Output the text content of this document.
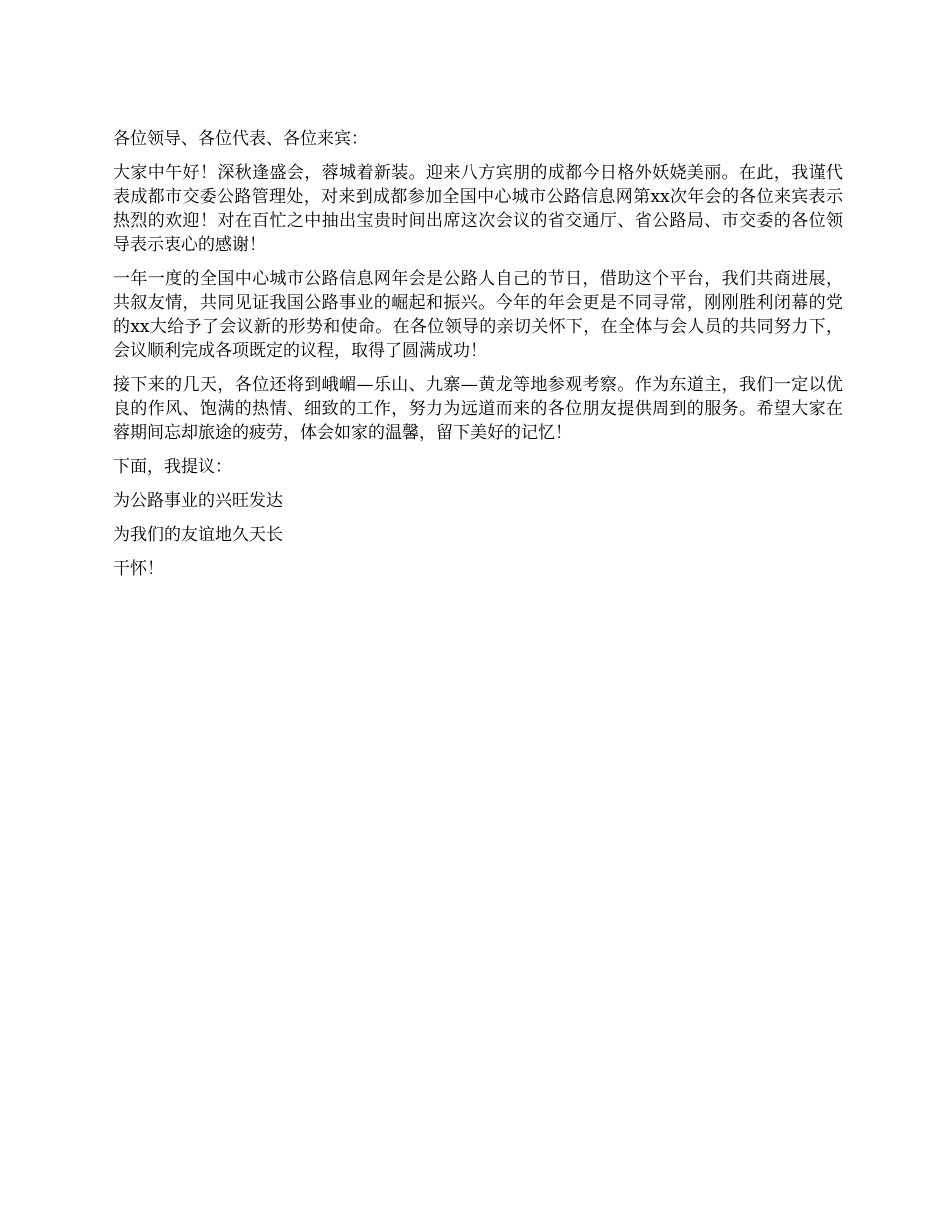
各位领导、各位代表、各位来宾：

大家中午好！深秋逢盛会，蓉城着新装。迎来八方宾朋的成都今日格外妖娆美丽。在此，我谨代表成都市交委公路管理处，对来到成都参加全国中心城市公路信息网第xx次年会的各位来宾表示热烈的欢迎！对在百忙之中抽出宝贵时间出席这次会议的省交通厅、省公路局、市交委的各位领导表示衷心的感谢！

一年一度的全国中心城市公路信息网年会是公路人自己的节日，借助这个平台，我们共商进展，共叙友情，共同见证我国公路事业的崛起和振兴。今年的年会更是不同寻常，刚刚胜利闭幕的党的xx大给予了会议新的形势和使命。在各位领导的亲切关怀下，在全体与会人员的共同努力下，会议顺利完成各项既定的议程，取得了圆满成功！

接下来的几天，各位还将到峨嵋—乐山、九寨—黄龙等地参观考察。作为东道主，我们一定以优良的作风、饱满的热情、细致的工作，努力为远道而来的各位朋友提供周到的服务。希望大家在蓉期间忘却旅途的疲劳，体会如家的温馨，留下美好的记忆！

下面，我提议：

为公路事业的兴旺发达

为我们的友谊地久天长

干怀！
